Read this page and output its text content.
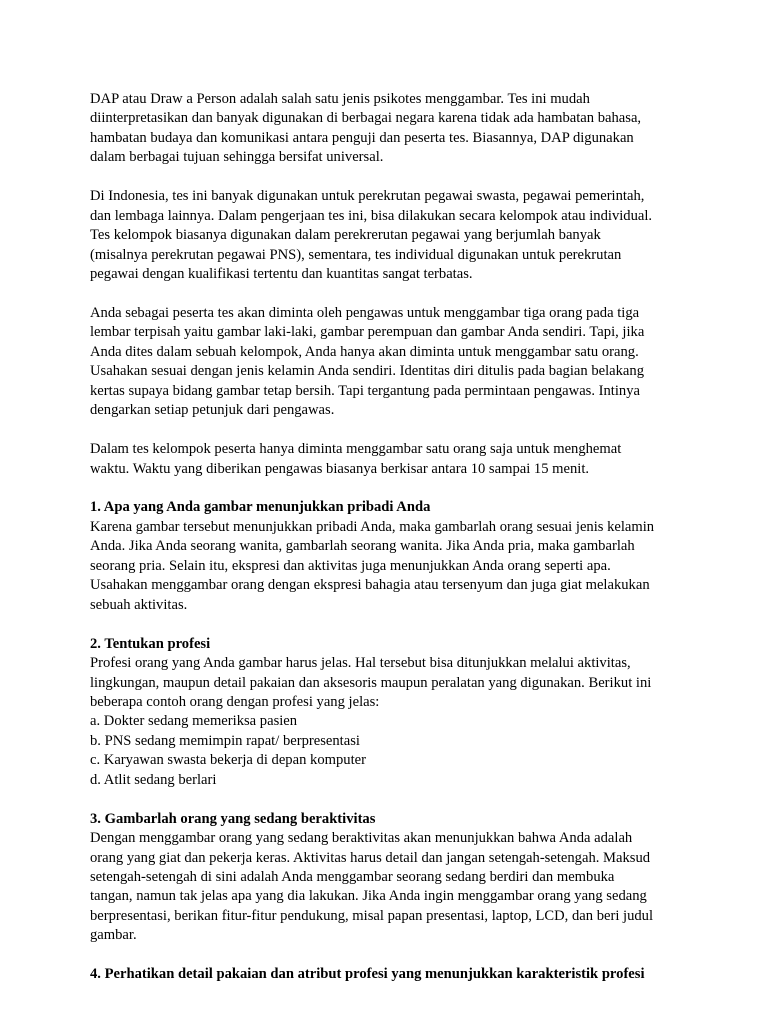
DAP atau Draw a Person adalah salah satu jenis psikotes menggambar. Tes ini mudah
diinterpretasikan dan banyak digunakan di berbagai negara karena tidak ada hambatan bahasa,
hambatan budaya dan komunikasi antara penguji dan peserta tes. Biasannya, DAP digunakan
dalam berbagai tujuan sehingga bersifat universal.
Di Indonesia, tes ini banyak digunakan untuk perekrutan pegawai swasta, pegawai pemerintah,
dan lembaga lainnya. Dalam pengerjaan tes ini, bisa dilakukan secara kelompok atau individual.
Tes kelompok biasanya digunakan dalam perekrerutan pegawai yang berjumlah banyak
(misalnya perekrutan pegawai PNS), sementara, tes individual digunakan untuk perekrutan
pegawai dengan kualifikasi tertentu dan kuantitas sangat terbatas.
Anda sebagai peserta tes akan diminta oleh pengawas untuk menggambar tiga orang pada tiga
lembar terpisah yaitu gambar laki-laki, gambar perempuan dan gambar Anda sendiri. Tapi, jika
Anda dites dalam sebuah kelompok, Anda hanya akan diminta untuk menggambar satu orang.
Usahakan sesuai dengan jenis kelamin Anda sendiri. Identitas diri ditulis pada bagian belakang
kertas supaya bidang gambar tetap bersih. Tapi tergantung pada permintaan pengawas. Intinya
dengarkan setiap petunjuk dari pengawas.
Dalam tes kelompok peserta hanya diminta menggambar satu orang saja untuk menghemat
waktu. Waktu yang diberikan pengawas biasanya berkisar antara 10 sampai 15 menit.
1. Apa yang Anda gambar menunjukkan pribadi Anda
Karena gambar tersebut menunjukkan pribadi Anda, maka gambarlah orang sesuai jenis kelamin
Anda. Jika Anda seorang wanita, gambarlah seorang wanita. Jika Anda pria, maka gambarlah
seorang pria. Selain itu, ekspresi dan aktivitas juga menunjukkan Anda orang seperti apa.
Usahakan menggambar orang dengan ekspresi bahagia atau tersenyum dan juga giat melakukan
sebuah aktivitas.
2. Tentukan profesi
Profesi orang yang Anda gambar harus jelas. Hal tersebut bisa ditunjukkan melalui aktivitas,
lingkungan, maupun detail pakaian dan aksesoris maupun peralatan yang digunakan. Berikut ini
beberapa contoh orang dengan profesi yang jelas:
a. Dokter sedang memeriksa pasien
b. PNS sedang memimpin rapat/ berpresentasi
c. Karyawan swasta bekerja di depan komputer
d. Atlit sedang berlari
3. Gambarlah orang yang sedang beraktivitas
Dengan menggambar orang yang sedang beraktivitas akan menunjukkan bahwa Anda adalah
orang yang giat dan pekerja keras. Aktivitas harus detail dan jangan setengah-setengah. Maksud
setengah-setengah di sini adalah Anda menggambar seorang sedang berdiri dan membuka
tangan, namun tak jelas apa yang dia lakukan. Jika Anda ingin menggambar orang yang sedang
berpresentasi, berikan fitur-fitur pendukung, misal papan presentasi, laptop, LCD, dan beri judul
gambar.
4. Perhatikan detail pakaian dan atribut profesi yang menunjukkan karakteristik profesi
